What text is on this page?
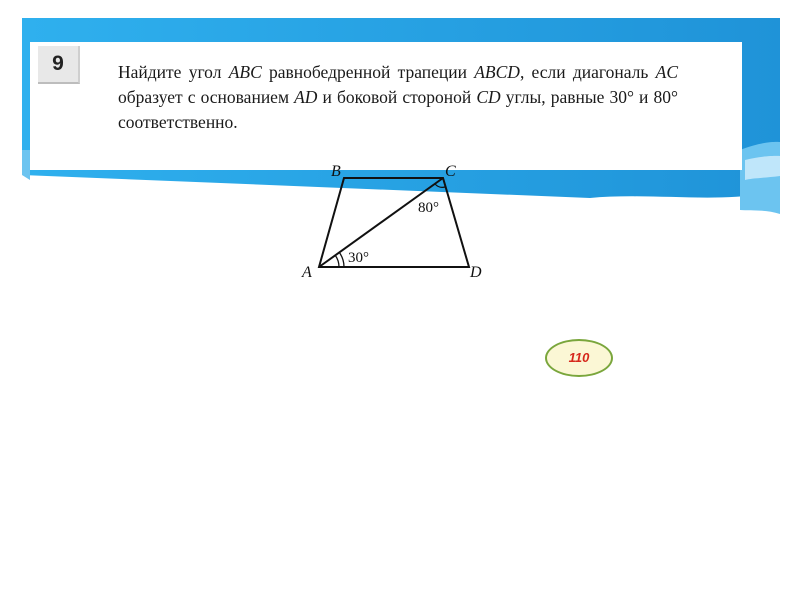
9	Найдите угол ABC равнобедренной трапеции ABCD, если диагональ AC образует с основанием AD и боковой стороной CD углы, равные 30° и 80° соответственно.

B	C
A	D
30°
80°
110
